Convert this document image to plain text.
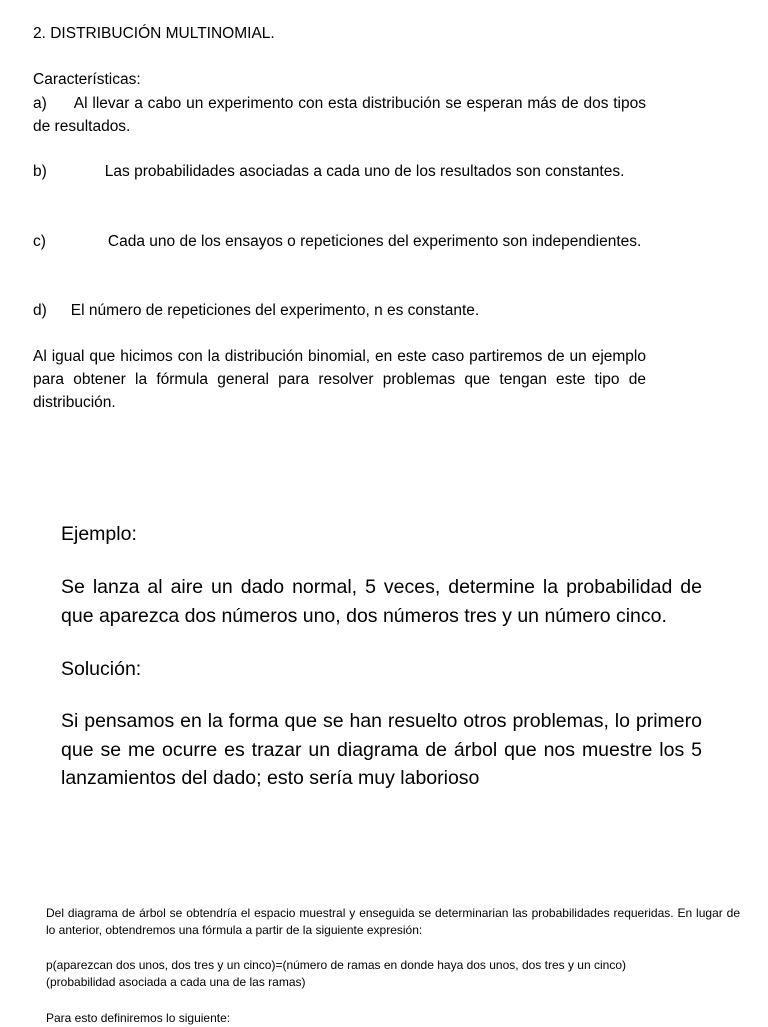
2. DISTRIBUCIÓN MULTINOMIAL.

Características:

a) Al llevar a cabo un experimento con esta distribución se esperan más de dos tipos de resultados.
b)	Las probabilidades asociadas a cada uno de los resultados son constantes.
c)	Cada uno de los ensayos o repeticiones del experimento son independientes.
d) El número de repeticiones del experimento, n es constante.

Al igual que hicimos con la distribución binomial, en este caso partiremos de un ejemplo para obtener la fórmula general para resolver problemas que tengan este tipo de distribución.

Ejemplo:

Se lanza al aire un dado normal, 5 veces, determine la probabilidad de que aparezca dos números uno, dos números tres y un número cinco.

Solución:

Si pensamos en la forma que se han resuelto otros problemas, lo primero que se me ocurre es trazar un diagrama de árbol que nos muestre los 5 lanzamientos del dado; esto sería muy laborioso

Del diagrama de árbol se obtendría el espacio muestral y enseguida se determinarian las probabilidades requeridas. En lugar de lo anterior, obtendremos una fórmula a partir de la siguiente expresión:

p(aparezcan dos unos, dos tres y un cinco)=(número de ramas en donde haya dos unos, dos tres y un cinco)

(probabilidad asociada a cada una de las ramas)

Para esto definiremos lo siguiente:
